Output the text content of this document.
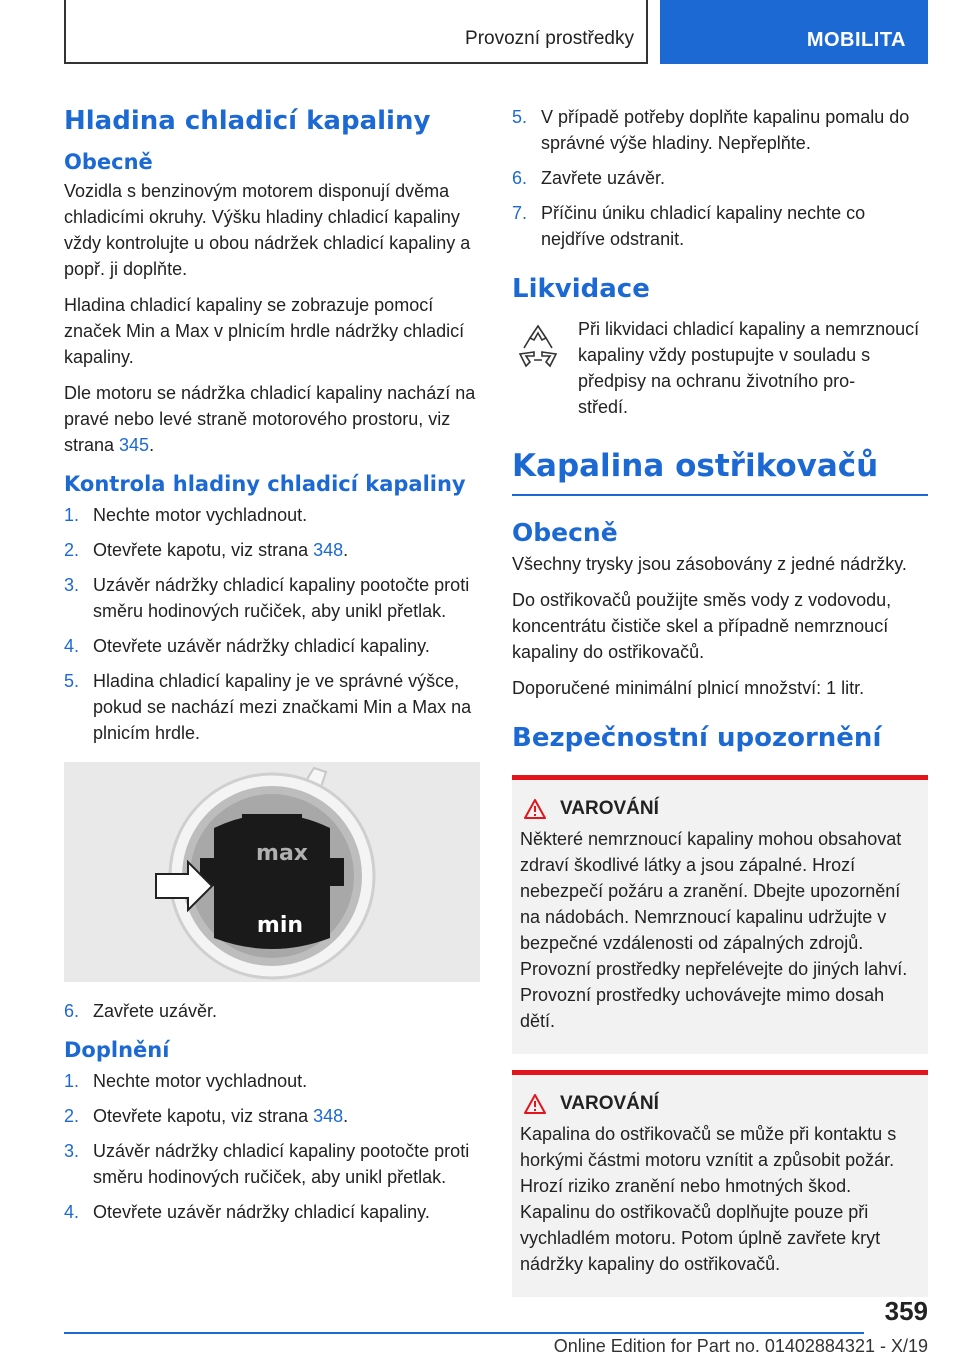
Provozní prostředky	MOBILITA
Hladina chladicí kapaliny
Obecně

Vozidla s benzinovým motorem disponují dvěma chladicími okruhy. Výšku hladiny chladicí kapaliny vždy kontrolujte u obou nádržek chladicí kapaliny a popř. ji doplňte.

Hladina chladicí kapaliny se zobrazuje pomocí značek Min a Max v plnicím hrdle nádržky chladicí kapaliny.

Dle motoru se nádržka chladicí kapaliny nachází na pravé nebo levé straně motorového prostoru, viz strana 345.

Kontrola hladiny chladicí kapaliny
1. Nechte motor vychladnout.
2. Otevřete kapotu, viz strana 348.
3. Uzávěr nádržky chladicí kapaliny pootočte proti směru hodinových ručiček, aby unikl přetlak.
4. Otevřete uzávěr nádržky chladicí kapaliny.
5. Hladina chladicí kapaliny je ve správné výšce, pokud se nachází mezi značkami Min a Max na plnicím hrdle.
max
min
6. Zavřete uzávěr.
Doplnění
1. Nechte motor vychladnout.
2. Otevřete kapotu, viz strana 348.
3. Uzávěr nádržky chladicí kapaliny pootočte proti směru hodinových ručiček, aby unikl přetlak.
4. Otevřete uzávěr nádržky chladicí kapaliny.
5. V případě potřeby doplňte kapalinu pomalu do správné výše hladiny. Nepřeplňte.
6. Zavřete uzávěr.
7. Příčinu úniku chladicí kapaliny nechte co nejdříve odstranit.
Likvidace

Při likvidaci chladicí kapaliny a nemrznoucí kapaliny vždy postupujte v souladu s předpisy na ochranu životního pro-

středí.

Kapalina ostřikovačů
Obecně

Všechny trysky jsou zásobovány z jedné nádržky.

Do ostřikovačů použijte směs vody z vodovodu, koncentrátu čističe skel a případně nemrznoucí kapaliny do ostřikovačů.

Doporučené minimální plnicí množství: 1 litr.

Bezpečnostní upozornění
VAROVÁNÍ

Některé nemrznoucí kapaliny mohou obsahovat zdraví škodlivé látky a jsou zápalné. Hrozí nebezpečí požáru a zranění. Dbejte upozornění na nádobách. Nemrznoucí kapalinu udržujte v bezpečné vzdálenosti od zápalných zdrojů. Provozní prostředky nepřelévejte do jiných lahví. Provozní prostředky uchovávejte mimo dosah dětí.

VAROVÁNÍ

Kapalina do ostřikovačů se může při kontaktu s horkými částmi motoru vznítit a způsobit požár. Hrozí riziko zranění nebo hmotných škod. Kapalinu do ostřikovačů doplňujte pouze při vychladlém motoru. Potom úplně zavřete kryt nádržky kapaliny do ostřikovačů.

359
Online Edition for Part no. 01402884321 - X/19
